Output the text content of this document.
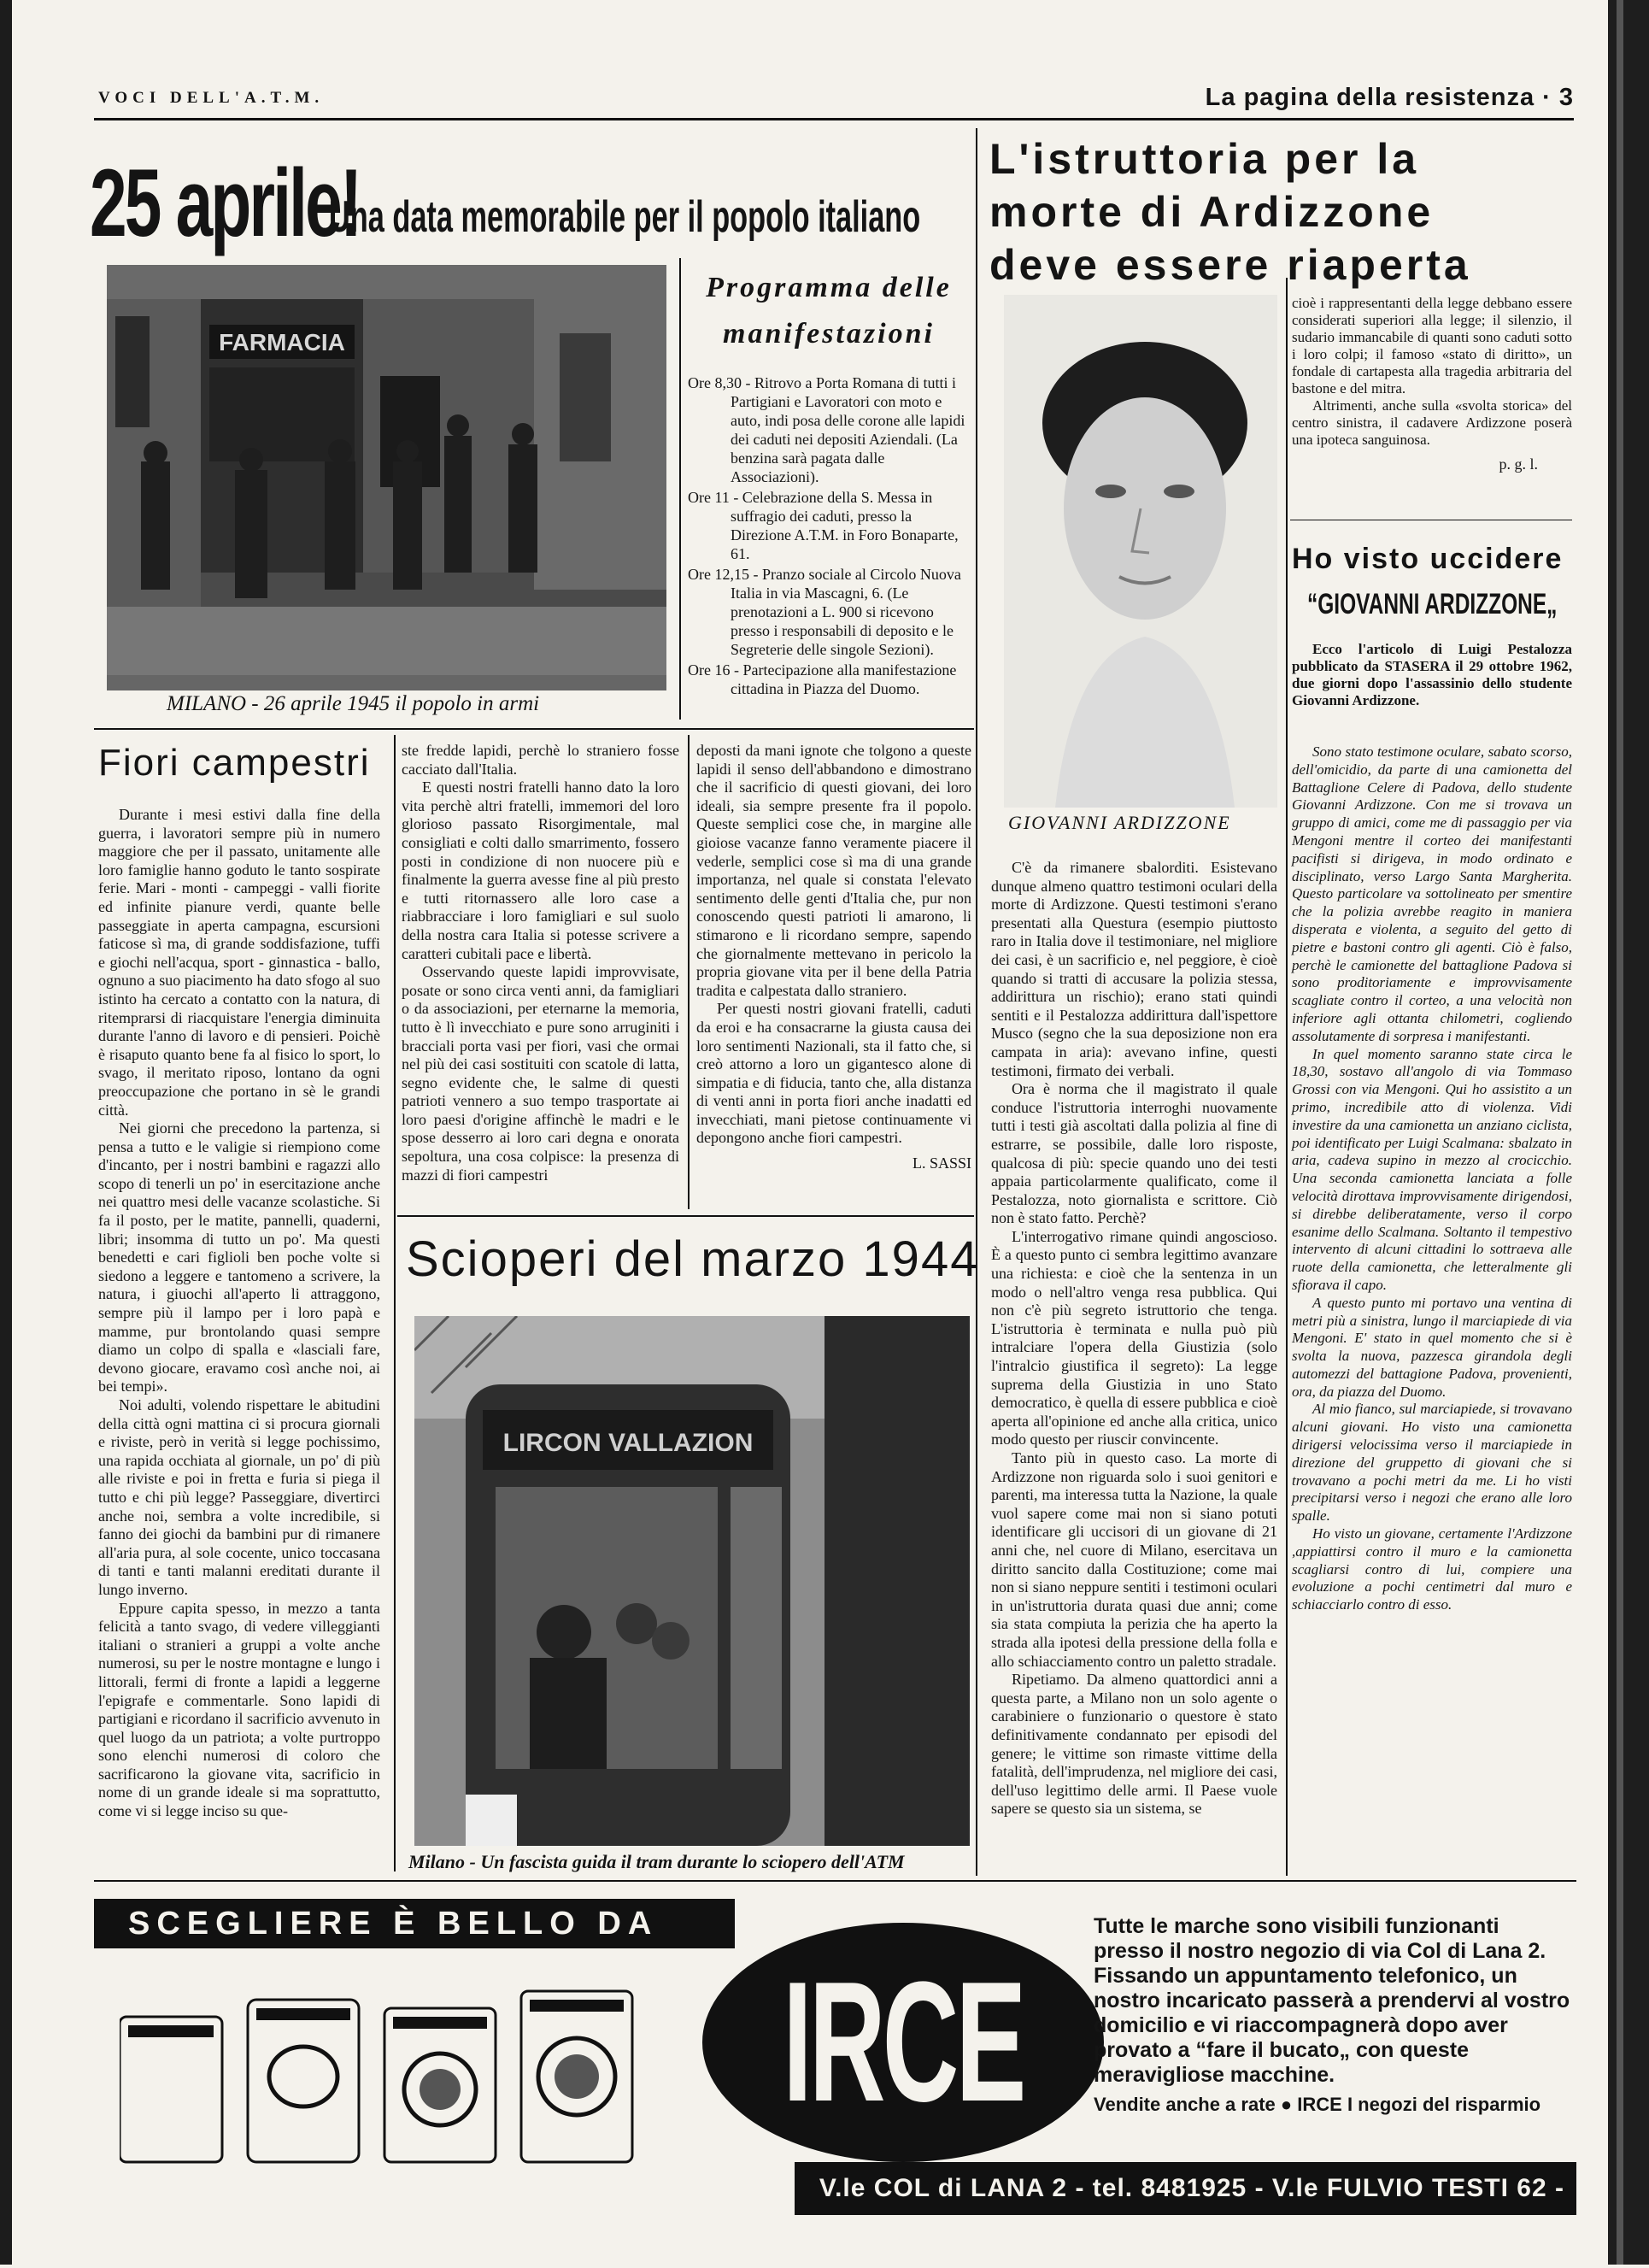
VOCI DELL'A.T.M.	La pagina della resistenza · 3
25 aprile!
Una data memorabile per il popolo italiano
FARMACIA
MILANO - 26 aprile 1945 il popolo in armi
Programma delle
manifestazioni
Ore 8,30 - Ritrovo a Porta Romana di tutti i Partigiani e Lavoratori con moto e auto, indi posa delle corone alle lapidi dei caduti nei depositi Aziendali. (La benzina sarà pagata dalle Associazioni).
Ore 11 - Celebrazione della S. Messa in suffragio dei caduti, presso la Direzione A.T.M. in Foro Bonaparte, 61.
Ore 12,15 - Pranzo sociale al Circolo Nuova Italia in via Mascagni, 6. (Le prenotazioni a L. 900 si ricevono presso i responsabili di deposito e le Segreterie delle singole Sezioni).
Ore 16 - Partecipazione alla manifestazione cittadina in Piazza del Duomo.
Fiori campestri

Durante i mesi estivi dalla fine della guerra, i lavoratori sempre più in numero maggiore che per il passato, unitamente alle loro famiglie hanno goduto le tanto sospirate ferie. Mari - monti - campeggi - valli fiorite ed infinite pianure verdi, quante belle passeggiate in aperta campagna, escursioni faticose sì ma, di grande soddisfazione, tuffi e giochi nell'acqua, sport - ginnastica - ballo, ognuno a suo piacimento ha dato sfogo al suo istinto ha cercato a contatto con la natura, di ritemprarsi di riacquistare l'energia diminuita durante l'anno di lavoro e di pensieri. Poichè è risaputo quanto bene fa al fisico lo sport, lo svago, il meritato riposo, lontano da ogni preoccupazione che portano in sè le grandi città.

Nei giorni che precedono la partenza, si pensa a tutto e le valigie si riempiono come d'incanto, per i nostri bambini e ragazzi allo scopo di tenerli un po' in esercitazione anche nei quattro mesi delle vacanze scolastiche. Si fa il posto, per le matite, pannelli, quaderni, libri; insomma di tutto un po'. Ma questi benedetti e cari figlioli ben poche volte si siedono a leggere e tantomeno a scrivere, la natura, i giuochi all'aperto li attraggono, sempre più il lampo per i loro papà e mamme, pur brontolando quasi sempre diamo un colpo di spalla e «lasciali fare, devono giocare, eravamo così anche noi, ai bei tempi».

Noi adulti, volendo rispettare le abitudini della città ogni mattina ci si procura giornali e riviste, però in verità si legge pochissimo, una rapida occhiata al giornale, un po' di più alle riviste e poi in fretta e furia si piega il tutto e chi più legge? Passeggiare, divertirci anche noi, sembra a volte incredibile, si fanno dei giochi da bambini pur di rimanere all'aria pura, al sole cocente, unico toccasana di tanti e tanti malanni ereditati durante il lungo inverno.

Eppure capita spesso, in mezzo a tanta felicità a tanto svago, di vedere villeggianti italiani o stranieri a gruppi a volte anche numerosi, su per le nostre montagne e lungo i littorali, fermi di fronte a lapidi a leggerne l'epigrafe e commentarle. Sono lapidi di partigiani e ricordano il sacrificio avvenuto in quel luogo da un patriota; a volte purtroppo sono elenchi numerosi di coloro che sacrificarono la giovane vita, sacrificio in nome di un grande ideale si ma soprattutto, come vi si legge inciso su que-

ste fredde lapidi, perchè lo straniero fosse cacciato dall'Italia.

E questi nostri fratelli hanno dato la loro vita perchè altri fratelli, immemori del loro glorioso passato Risorgimentale, mal consigliati e colti dallo smarrimento, fossero posti in condizione di non nuocere più e finalmente la guerra avesse fine al più presto e tutti ritornassero alle loro case a riabbracciare i loro famigliari e sul suolo della nostra cara Italia si potesse scrivere a caratteri cubitali pace e libertà.

Osservando queste lapidi improvvisate, posate or sono circa venti anni, da famigliari o da associazioni, per eternarne la memoria, tutto è lì invecchiato e pure sono arruginiti i bracciali porta vasi per fiori, vasi che ormai nel più dei casi sostituiti con scatole di latta, segno evidente che, le salme di questi patrioti vennero a suo tempo trasportate ai loro paesi d'origine affinchè le madri e le spose desserro ai loro cari degna e onorata sepoltura, una cosa colpisce: la presenza di mazzi di fiori campestri

deposti da mani ignote che tolgono a queste lapidi il senso dell'abbandono e dimostrano che il sacrificio di questi giovani, dei loro ideali, sia sempre presente fra il popolo. Queste semplici cose che, in margine alle gioiose vacanze fanno veramente piacere il vederle, semplici cose sì ma di una grande importanza, nel quale si constata l'elevato sentimento delle genti d'Italia che, pur non conoscendo questi patrioti li amarono, li stimarono e li ricordano sempre, sapendo che giornalmente mettevano in pericolo la propria giovane vita per il bene della Patria tradita e calpestata dallo straniero.

Per questi nostri giovani fratelli, caduti da eroi e ha consacrarne la giusta causa dei loro sentimenti Nazionali, sta il fatto che, si creò attorno a loro un gigantesco alone di simpatia e di fiducia, tanto che, alla distanza di venti anni in porta fiori anche inadatti ed invecchiati, mani pietose continuamente vi depongono anche fiori campestri.

L. SASSI
Scioperi del marzo 1944
LIRCON VALLAZION
Milano - Un fascista guida il tram durante lo sciopero dell'ATM
L'istruttoria per la
morte di Ardizzone
deve essere riaperta
GIOVANNI ARDIZZONE

C'è da rimanere sbalorditi. Esistevano dunque almeno quattro testimoni oculari della morte di Ardizzone. Questi testimoni s'erano presentati alla Questura (esempio piuttosto raro in Italia dove il testimoniare, nel migliore dei casi, è un sacrificio e, nel peggiore, è cioè quando si tratti di accusare la polizia stessa, addirittura un rischio); erano stati quindi sentiti e il Pestalozza addirittura dall'ispettore Musco (segno che la sua deposizione non era campata in aria): avevano infine, questi testimoni, firmato dei verbali.

Ora è norma che il magistrato il quale conduce l'istruttoria interroghi nuovamente tutti i testi già ascoltati dalla polizia al fine di estrarre, se possibile, dalle loro risposte, qualcosa di più: specie quando uno dei testi appaia particolarmente qualificato, come il Pestalozza, noto giornalista e scrittore. Ciò non è stato fatto. Perchè?

L'interrogativo rimane quindi angoscioso. È a questo punto ci sembra legittimo avanzare una richiesta: e cioè che la sentenza in un modo o nell'altro venga resa pubblica. Qui non c'è più segreto istruttorio che tenga. L'istruttoria è terminata e nulla può più intralciare l'opera della Giustizia (solo l'intralcio giustifica il segreto): La legge suprema della Giustizia in uno Stato democratico, è quella di essere pubblica e cioè aperta all'opinione ed anche alla critica, unico modo questo per riuscir convincente.

Tanto più in questo caso. La morte di Ardizzone non riguarda solo i suoi genitori e parenti, ma interessa tutta la Nazione, la quale vuol sapere come mai non si siano potuti identificare gli uccisori di un giovane di 21 anni che, nel cuore di Milano, esercitava un diritto sancito dalla Costituzione; come mai non si siano neppure sentiti i testimoni oculari in un'istruttoria durata quasi due anni; come sia stata compiuta la perizia che ha aperto la strada alla ipotesi della pressione della folla e allo schiacciamento contro un paletto stradale.

Ripetiamo. Da almeno quattordici anni a questa parte, a Milano non un solo agente o carabiniere o funzionario o questore è stato definitivamente condannato per episodi del genere; le vittime son rimaste vittime della fatalità, dell'imprudenza, nel migliore dei casi, dell'uso legittimo delle armi. Il Paese vuole sapere se questo sia un sistema, se

cioè i rappresentanti della legge debbano essere considerati superiori alla legge; il silenzio, il sudario immancabile di quanti sono caduti sotto i loro colpi; il famoso «stato di diritto», un fondale di cartapesta alla tragedia arbitraria del bastone e del mitra.

Altrimenti, anche sulla «svolta storica» del centro sinistra, il cadavere Ardizzone poserà una ipoteca sanguinosa.

p. g. l.
Ho visto uccidere
“GIOVANNI ARDIZZONE„

Ecco l'articolo di Luigi Pestalozza pubblicato da STASERA il 29 ottobre 1962, due giorni dopo l'assassinio dello studente Giovanni Ardizzone.

Sono stato testimone oculare, sabato scorso, dell'omicidio, da parte di una camionetta del Battaglione Celere di Padova, dello studente Giovanni Ardizzone. Con me si trovava un gruppo di amici, come me di passaggio per via Mengoni mentre il corteo dei manifestanti pacifisti si dirigeva, in modo ordinato e disciplinato, verso Largo Santa Margherita. Questo particolare va sottolineato per smentire che la polizia avrebbe reagito in maniera disperata e violenta, a seguito del getto di pietre e bastoni contro gli agenti. Ciò è falso, perchè le camionette del battaglione Padova si sono proditoriamente e improvvisamente scagliate contro il corteo, a una velocità non inferiore agli ottanta chilometri, cogliendo assolutamente di sorpresa i manifestanti.

In quel momento saranno state circa le 18,30, sostavo all'angolo di via Tommaso Grossi con via Mengoni. Qui ho assistito a un primo, incredibile atto di violenza. Vidi investire da una camionetta un anziano ciclista, poi identificato per Luigi Scalmana: sbalzato in aria, cadeva supino in mezzo al crocicchio. Una seconda camionetta lanciata a folle velocità dirottava improvvisamente dirigendosi, si direbbe deliberatamente, verso il corpo esanime dello Scalmana. Soltanto il tempestivo intervento di alcuni cittadini lo sottraeva alle ruote della camionetta, che letteralmente gli sfiorava il capo.

A questo punto mi portavo una ventina di metri più a sinistra, lungo il marciapiede di via Mengoni. E' stato in quel momento che si è svolta la nuova, pazzesca girandola degli automezzi del battagione Padova, provenienti, ora, da piazza del Duomo.

Al mio fianco, sul marciapiede, si trovavano alcuni giovani. Ho visto una camionetta dirigersi velocissima verso il marciapiede in direzione del gruppetto di giovani che si trovavano a pochi metri da me. Li ho visti precipitarsi verso i negozi che erano alle loro spalle.

Ho visto un giovane, certamente l'Ardizzone ,appiattirsi contro il muro e la camionetta scagliarsi contro di lui, compiere una evoluzione a pochi centimetri dal muro e schiacciarlo contro di esso.

SCEGLIERE È BELLO DA
IRCE
Tutte le marche sono visibili funzionanti presso il nostro negozio di via Col di Lana 2. Fissando un appuntamento telefonico, un nostro incaricato passerà a prendervi al vostro domicilio e vi riaccompagnerà dopo aver provato a “fare il bucato„ con queste meravigliose macchine.
Vendite anche a rate ● IRCE I negozi del risparmio
V.le COL di LANA 2 - tel. 8481925 - V.le FULVIO TESTI 62 - tel. 6424193
